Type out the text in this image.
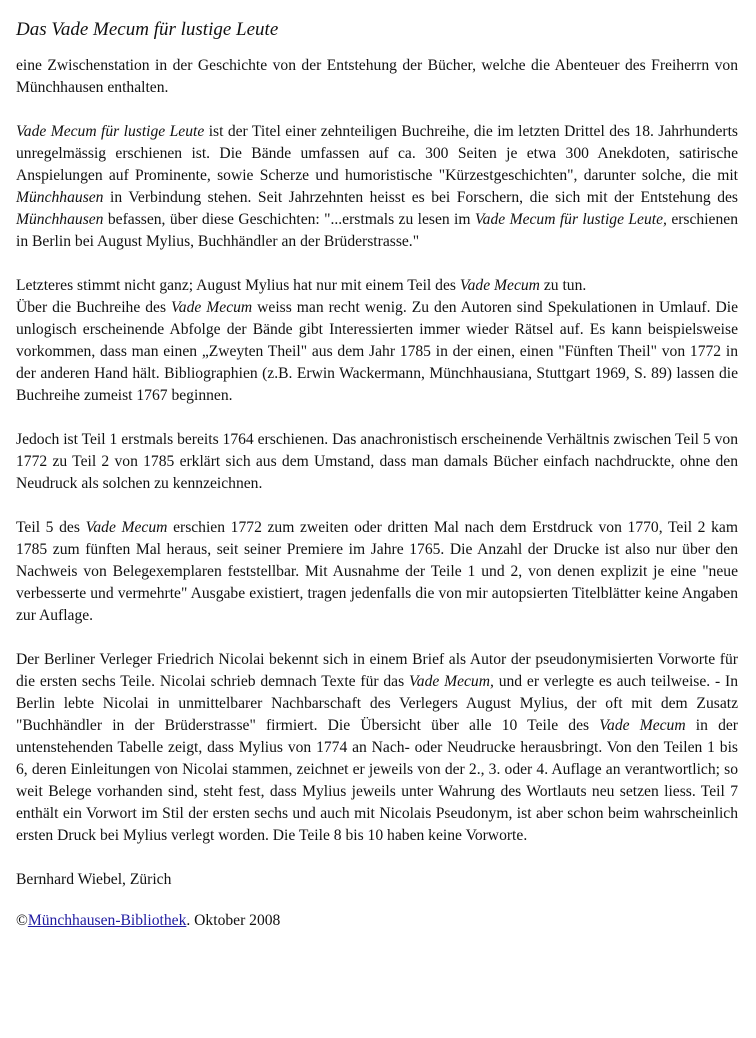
Das Vade Mecum für lustige Leute

eine Zwischenstation in der Geschichte von der Entstehung der Bücher, welche die Abenteuer des Freiherrn von Münchhausen enthalten.

Vade Mecum für lustige Leute ist der Titel einer zehnteiligen Buchreihe, die im letzten Drittel des 18. Jahrhunderts unregelmässig erschienen ist. Die Bände umfassen auf ca. 300 Seiten je etwa 300 Anekdoten, satirische Anspielungen auf Prominente, sowie Scherze und humoristische "Kürzestgeschichten", darunter solche, die mit Münchhausen in Verbindung stehen. Seit Jahrzehnten heisst es bei Forschern, die sich mit der Entstehung des Münchhausen befassen, über diese Geschichten: "...erstmals zu lesen im Vade Mecum für lustige Leute, erschienen in Berlin bei August Mylius, Buchhändler an der Brüderstrasse."

Letzteres stimmt nicht ganz; August Mylius hat nur mit einem Teil des Vade Mecum zu tun.
Über die Buchreihe des Vade Mecum weiss man recht wenig. Zu den Autoren sind Spekulationen in Umlauf. Die unlogisch erscheinende Abfolge der Bände gibt Interessierten immer wieder Rätsel auf. Es kann beispielsweise vorkommen, dass man einen „Zweyten Theil" aus dem Jahr 1785 in der einen, einen "Fünften Theil" von 1772 in der anderen Hand hält. Bibliographien (z.B. Erwin Wackermann, Münchhausiana, Stuttgart 1969, S. 89) lassen die Buchreihe zumeist 1767 beginnen.

Jedoch ist Teil 1 erstmals bereits 1764 erschienen. Das anachronistisch erscheinende Verhältnis zwischen Teil 5 von 1772 zu Teil 2 von 1785 erklärt sich aus dem Umstand, dass man damals Bücher einfach nachdruckte, ohne den Neudruck als solchen zu kennzeichnen.

Teil 5 des Vade Mecum erschien 1772 zum zweiten oder dritten Mal nach dem Erstdruck von 1770, Teil 2 kam 1785 zum fünften Mal heraus, seit seiner Premiere im Jahre 1765. Die Anzahl der Drucke ist also nur über den Nachweis von Belegexemplaren feststellbar. Mit Ausnahme der Teile 1 und 2, von denen explizit je eine "neue verbesserte und vermehrte" Ausgabe existiert, tragen jedenfalls die von mir autopsierten Titelblätter keine Angaben zur Auflage.

Der Berliner Verleger Friedrich Nicolai bekennt sich in einem Brief als Autor der pseudonymisierten Vorworte für die ersten sechs Teile. Nicolai schrieb demnach Texte für das Vade Mecum, und er verlegte es auch teilweise. - In Berlin lebte Nicolai in unmittelbarer Nachbarschaft des Verlegers August Mylius, der oft mit dem Zusatz "Buchhändler in der Brüderstrasse" firmiert. Die Übersicht über alle 10 Teile des Vade Mecum in der untenstehenden Tabelle zeigt, dass Mylius von 1774 an Nach- oder Neudrucke herausbringt. Von den Teilen 1 bis 6, deren Einleitungen von Nicolai stammen, zeichnet er jeweils von der 2., 3. oder 4. Auflage an verantwortlich; so weit Belege vorhanden sind, steht fest, dass Mylius jeweils unter Wahrung des Wortlauts neu setzen liess. Teil 7 enthält ein Vorwort im Stil der ersten sechs und auch mit Nicolais Pseudonym, ist aber schon beim wahrscheinlich ersten Druck bei Mylius verlegt worden. Die Teile 8 bis 10 haben keine Vorworte.

Bernhard Wiebel, Zürich

©Münchhausen-Bibliothek. Oktober 2008
